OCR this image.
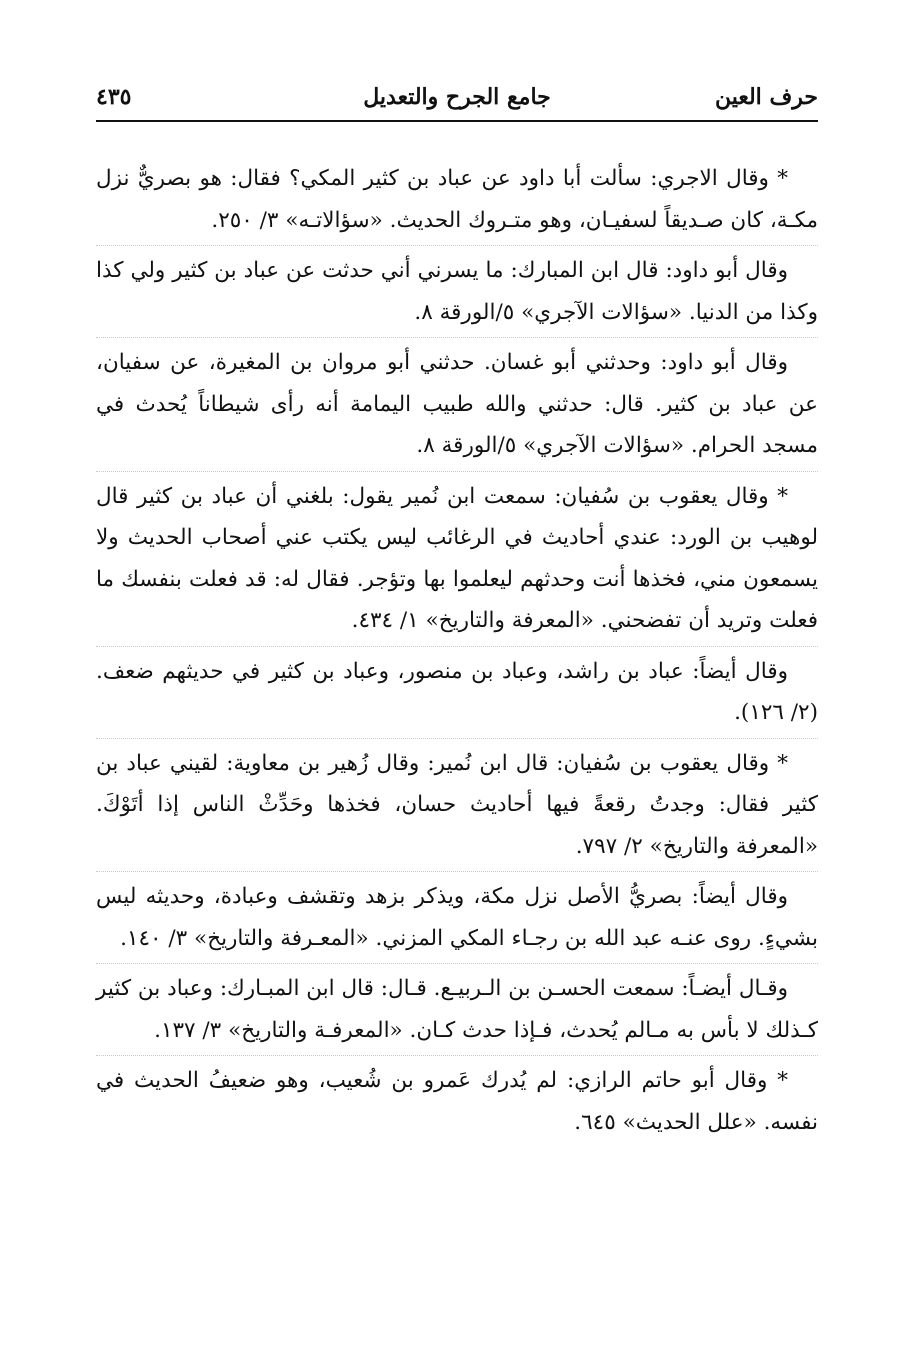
حرف العين
جامع الجرح والتعديل
٤٣٥

* وقال الاجري: سألت أبا داود عن عباد بن كثير المكي؟ فقال: هو بصريٌّ نزل مكـة، كان صـديقاً لسفيـان، وهو متـروك الحديث. «سؤالاتـه» ٣/ ٢٥٠.

وقال أبو داود: قال ابن المبارك: ما يسرني أني حدثت عن عباد بن كثير ولي كذا وكذا من الدنيا. «سؤالات الآجري» ٥/الورقة ٨.

وقال أبو داود: وحدثني أبو غسان. حدثني أبو مروان بن المغيرة، عن سفيان، عن عباد بن كثير. قال: حدثني والله طبيب اليمامة أنه رأى شيطاناً يُحدث في مسجد الحرام. «سؤالات الآجري» ٥/الورقة ٨.

* وقال يعقوب بن سُفيان: سمعت ابن نُمير يقول: بلغني أن عباد بن كثير قال لوهيب بن الورد: عندي أحاديث في الرغائب ليس يكتب عني أصحاب الحديث ولا يسمعون مني، فخذها أنت وحدثهم ليعلموا بها وتؤجر. فقال له: قد فعلت بنفسك ما فعلت وتريد أن تفضحني. «المعرفة والتاريخ» ١/ ٤٣٤.

وقال أيضاً: عباد بن راشد، وعباد بن منصور، وعباد بن كثير في حديثهم ضعف. (٢/ ١٢٦).

* وقال يعقوب بن سُفيان: قال ابن نُمير: وقال زُهير بن معاوية: لقيني عباد بن كثير فقال: وجدتُ رقعةً فيها أحاديث حسان، فخذها وحَدِّثْ الناس إذا أتَوْكَ. «المعرفة والتاريخ» ٢/ ٧٩٧.

وقال أيضاً: بصريُّ الأصل نزل مكة، ويذكر بزهد وتقشف وعبادة، وحديثه ليس بشيءٍ. روى عنـه عبد الله بن رجـاء المكي المزني. «المعـرفة والتاريخ» ٣/ ١٤٠.

وقـال أيضـاً: سمعت الحسـن بن الـربيـع. قـال: قال ابن المبـارك: وعباد بن كثير كـذلك لا بأس به مـالم يُحدث، فـإذا حدث كـان. «المعرفـة والتاريخ» ٣/ ١٣٧.

* وقال أبو حاتم الرازي: لم يُدرك عَمرو بن شُعيب، وهو ضعيفُ الحديث في نفسه. «علل الحديث» ٦٤٥.
